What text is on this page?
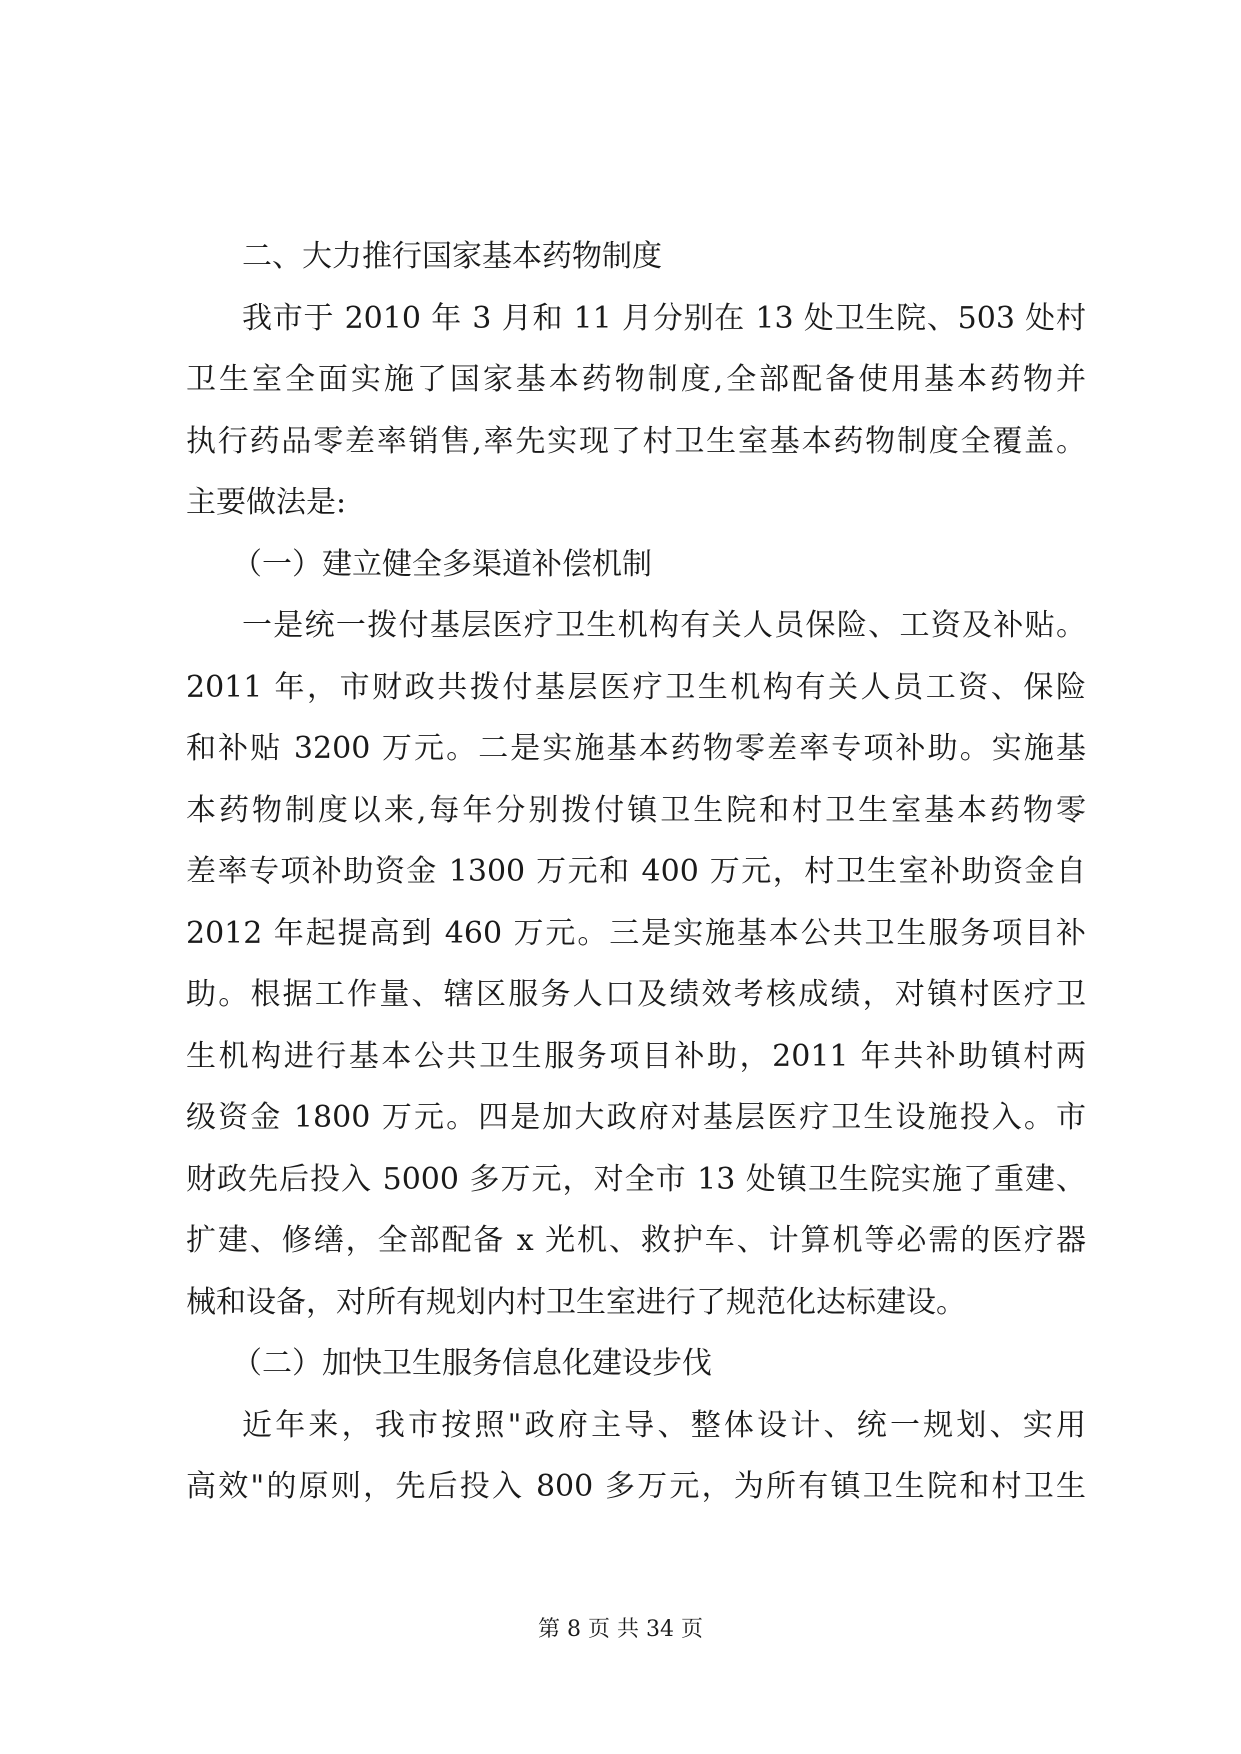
二、大力推行国家基本药物制度
我市于 2010 年 3 月和 11 月分别在 13 处卫生院、503 处村
卫生室全面实施了国家基本药物制度,全部配备使用基本药物并
执行药品零差率销售,率先实现了村卫生室基本药物制度全覆盖。
主要做法是:
（一）建立健全多渠道补偿机制
一是统一拨付基层医疗卫生机构有关人员保险、工资及补贴。
2011 年，市财政共拨付基层医疗卫生机构有关人员工资、保险
和补贴 3200 万元。二是实施基本药物零差率专项补助。实施基
本药物制度以来,每年分别拨付镇卫生院和村卫生室基本药物零
差率专项补助资金 1300 万元和 400 万元，村卫生室补助资金自
2012 年起提高到 460 万元。三是实施基本公共卫生服务项目补
助。根据工作量、辖区服务人口及绩效考核成绩，对镇村医疗卫
生机构进行基本公共卫生服务项目补助，2011 年共补助镇村两
级资金 1800 万元。四是加大政府对基层医疗卫生设施投入。市
财政先后投入 5000 多万元，对全市 13 处镇卫生院实施了重建、
扩建、修缮，全部配备 x 光机、救护车、计算机等必需的医疗器
械和设备，对所有规划内村卫生室进行了规范化达标建设。
（二）加快卫生服务信息化建设步伐
近年来，我市按照"政府主导、整体设计、统一规划、实用
高效"的原则，先后投入 800 多万元，为所有镇卫生院和村卫生
第 8 页 共 34 页
